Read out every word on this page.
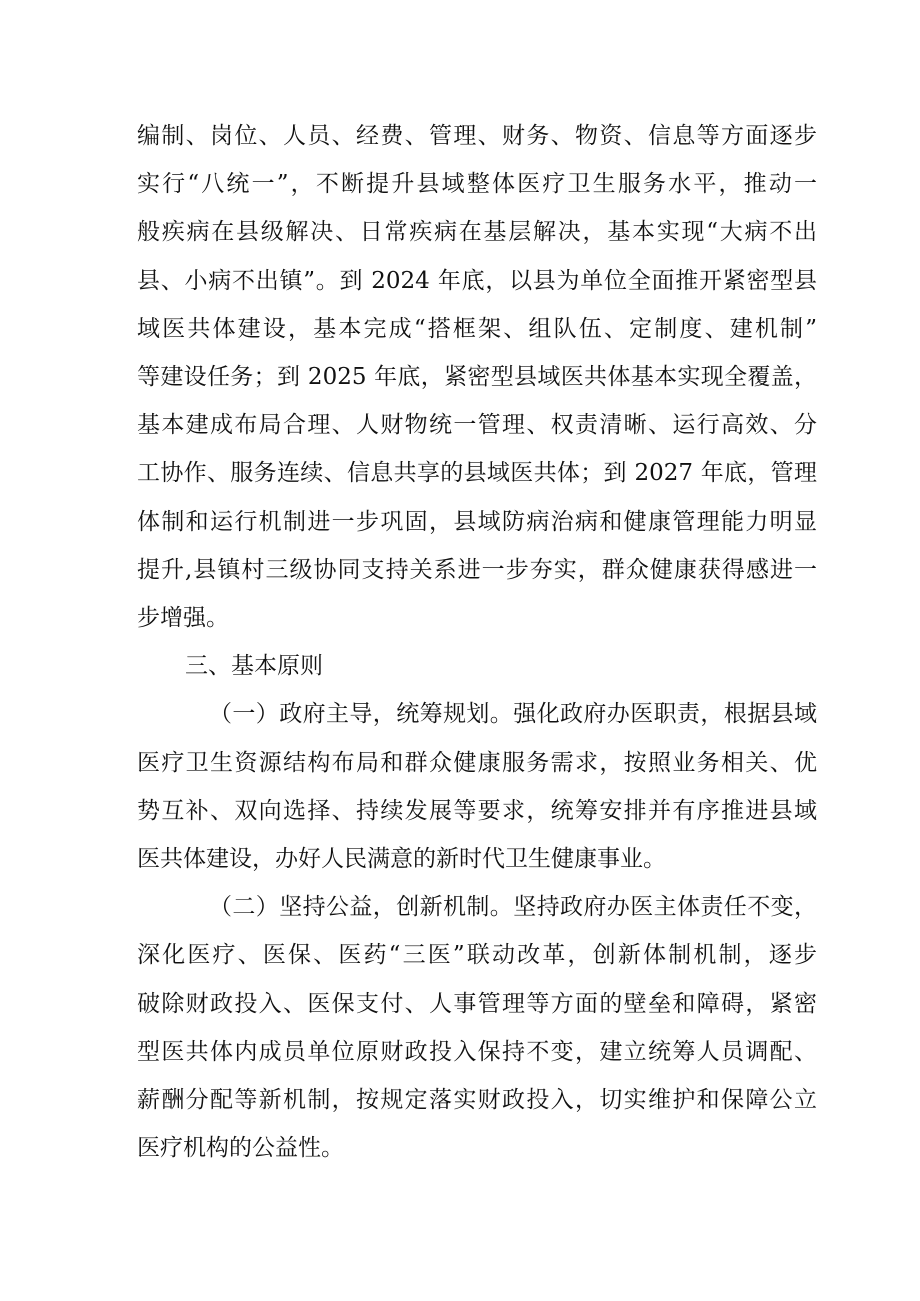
编制、岗位、人员、经费、管理、财务、物资、信息等方面逐步
实行“八统一”，不断提升县域整体医疗卫生服务水平，推动一
般疾病在县级解决、日常疾病在基层解决，基本实现“大病不出
县、小病不出镇”。到 2024 年底，以县为单位全面推开紧密型县
域医共体建设，基本完成“搭框架、组队伍、定制度、建机制”
等建设任务；到 2025 年底，紧密型县域医共体基本实现全覆盖，
基本建成布局合理、人财物统一管理、权责清晰、运行高效、分
工协作、服务连续、信息共享的县域医共体；到 2027 年底，管理
体制和运行机制进一步巩固，县域防病治病和健康管理能力明显
提升,县镇村三级协同支持关系进一步夯实，群众健康获得感进一
步增强。

三、基本原则

（一）政府主导，统筹规划。强化政府办医职责，根据县域
医疗卫生资源结构布局和群众健康服务需求，按照业务相关、优
势互补、双向选择、持续发展等要求，统筹安排并有序推进县域
医共体建设，办好人民满意的新时代卫生健康事业。

（二）坚持公益，创新机制。坚持政府办医主体责任不变，
深化医疗、医保、医药“三医”联动改革，创新体制机制，逐步
破除财政投入、医保支付、人事管理等方面的壁垒和障碍，紧密
型医共体内成员单位原财政投入保持不变，建立统筹人员调配、
薪酬分配等新机制，按规定落实财政投入，切实维护和保障公立
医疗机构的公益性。
